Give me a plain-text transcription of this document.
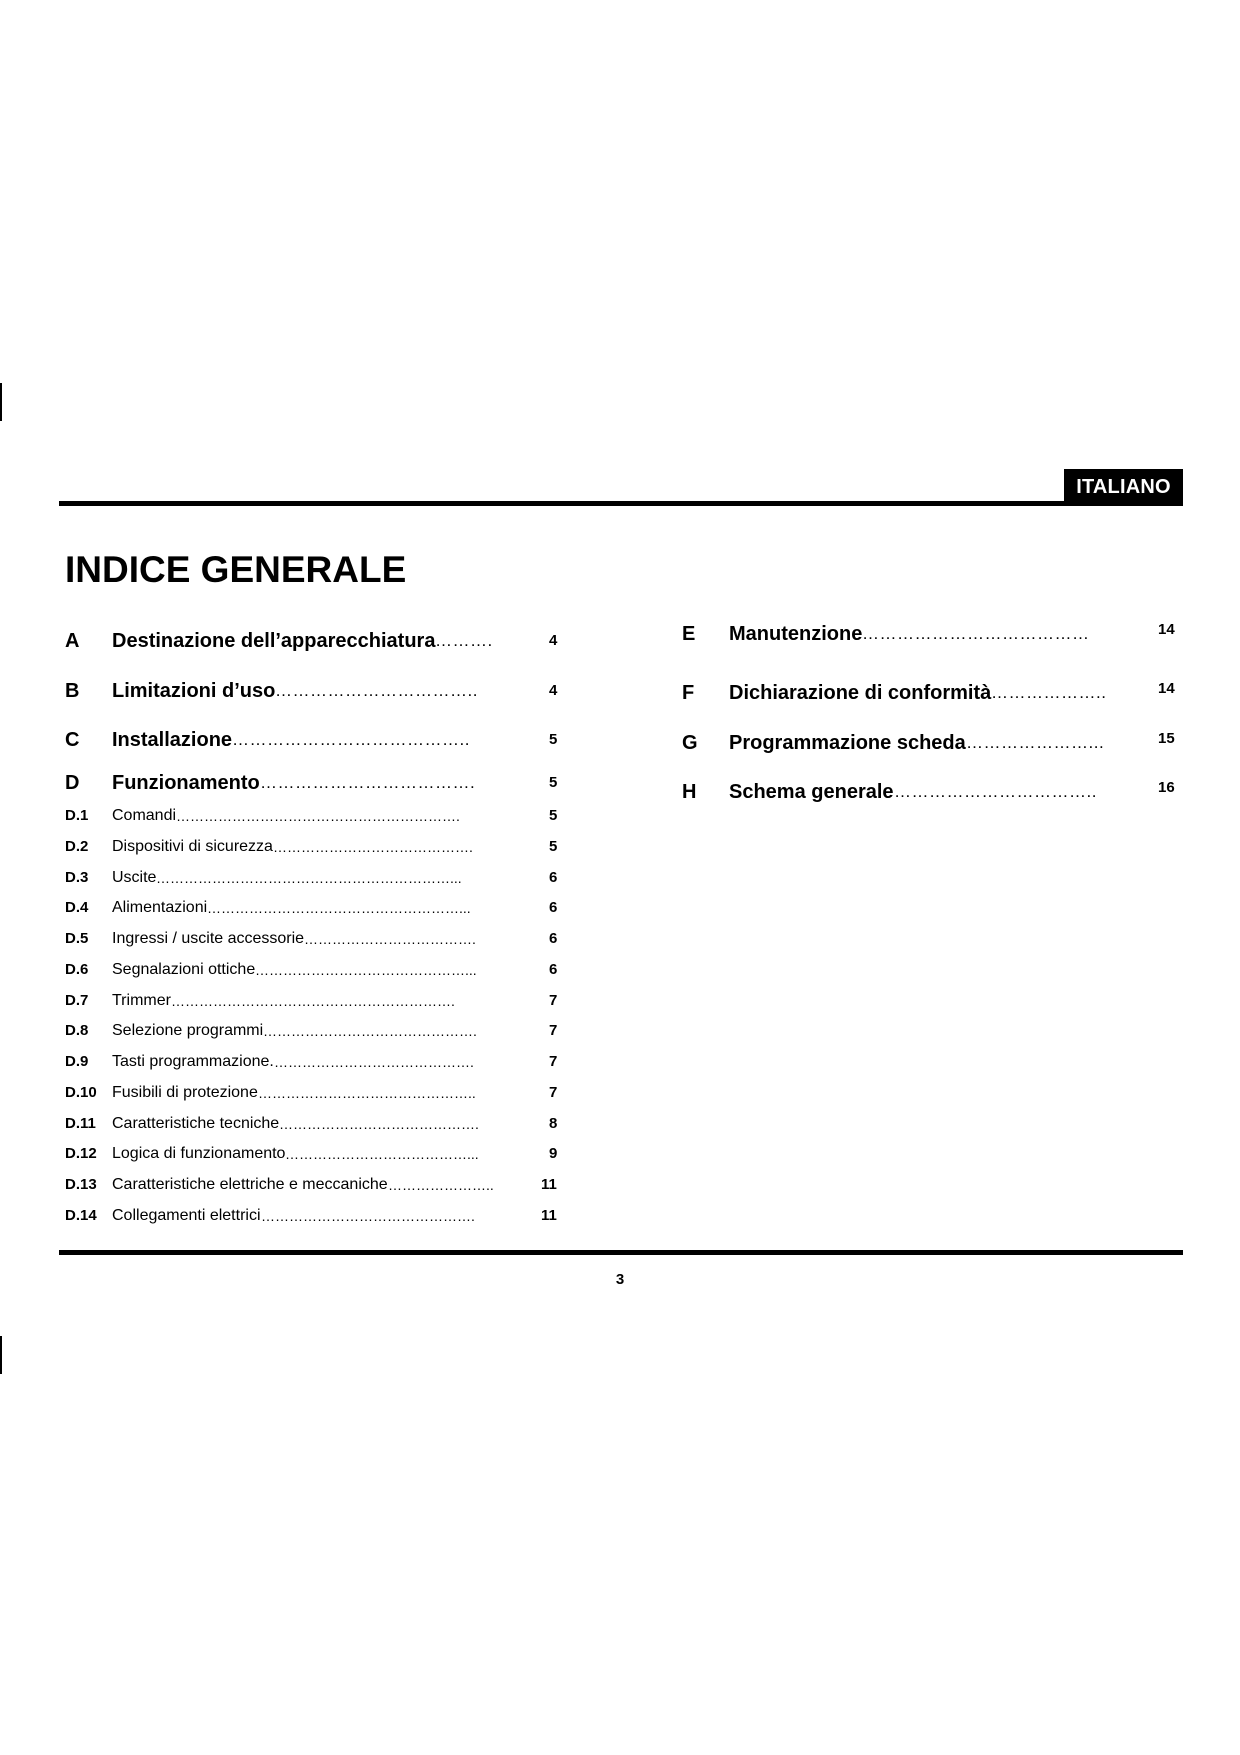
ITALIANO
INDICE GENERALE
A Destinazione dell’apparecchiatura ……….	4
B Limitazioni d’uso ……………………………..	4
C Installazione …………………………………..	5
D Funzionamento ……………………………….	5
D.1 Comandi …………………………………………………….	5
D.2 Dispositivi di sicurezza …………………………………….	5
D.3 Uscite ………………………………………………………...	6
D.4 Alimentazioni ………………………………………………...	6
D.5 Ingressi / uscite accessorie ……………………………….	6
D.6 Segnalazioni ottiche ………………………………………...	6
D.7 Trimmer …………………………………………………….	7
D.8 Selezione programmi ……………………………………….	7
D.9 Tasti programmazione. …………………………………….	7
D.10 Fusibili di protezione ………………………………………..	7
D.11 Caratteristiche tecniche …………………………………….	8
D.12 Logica di funzionamento …………………………………...	9
D.13 Caratteristiche elettriche e meccaniche …………………..	11
D.14 Collegamenti elettrici ……………………………………….	11
E Manutenzione …………………………………	14
F Dichiarazione di conformità ………………..	14
G Programmazione scheda …………………...	15
H Schema generale ……………………………..	16
3
